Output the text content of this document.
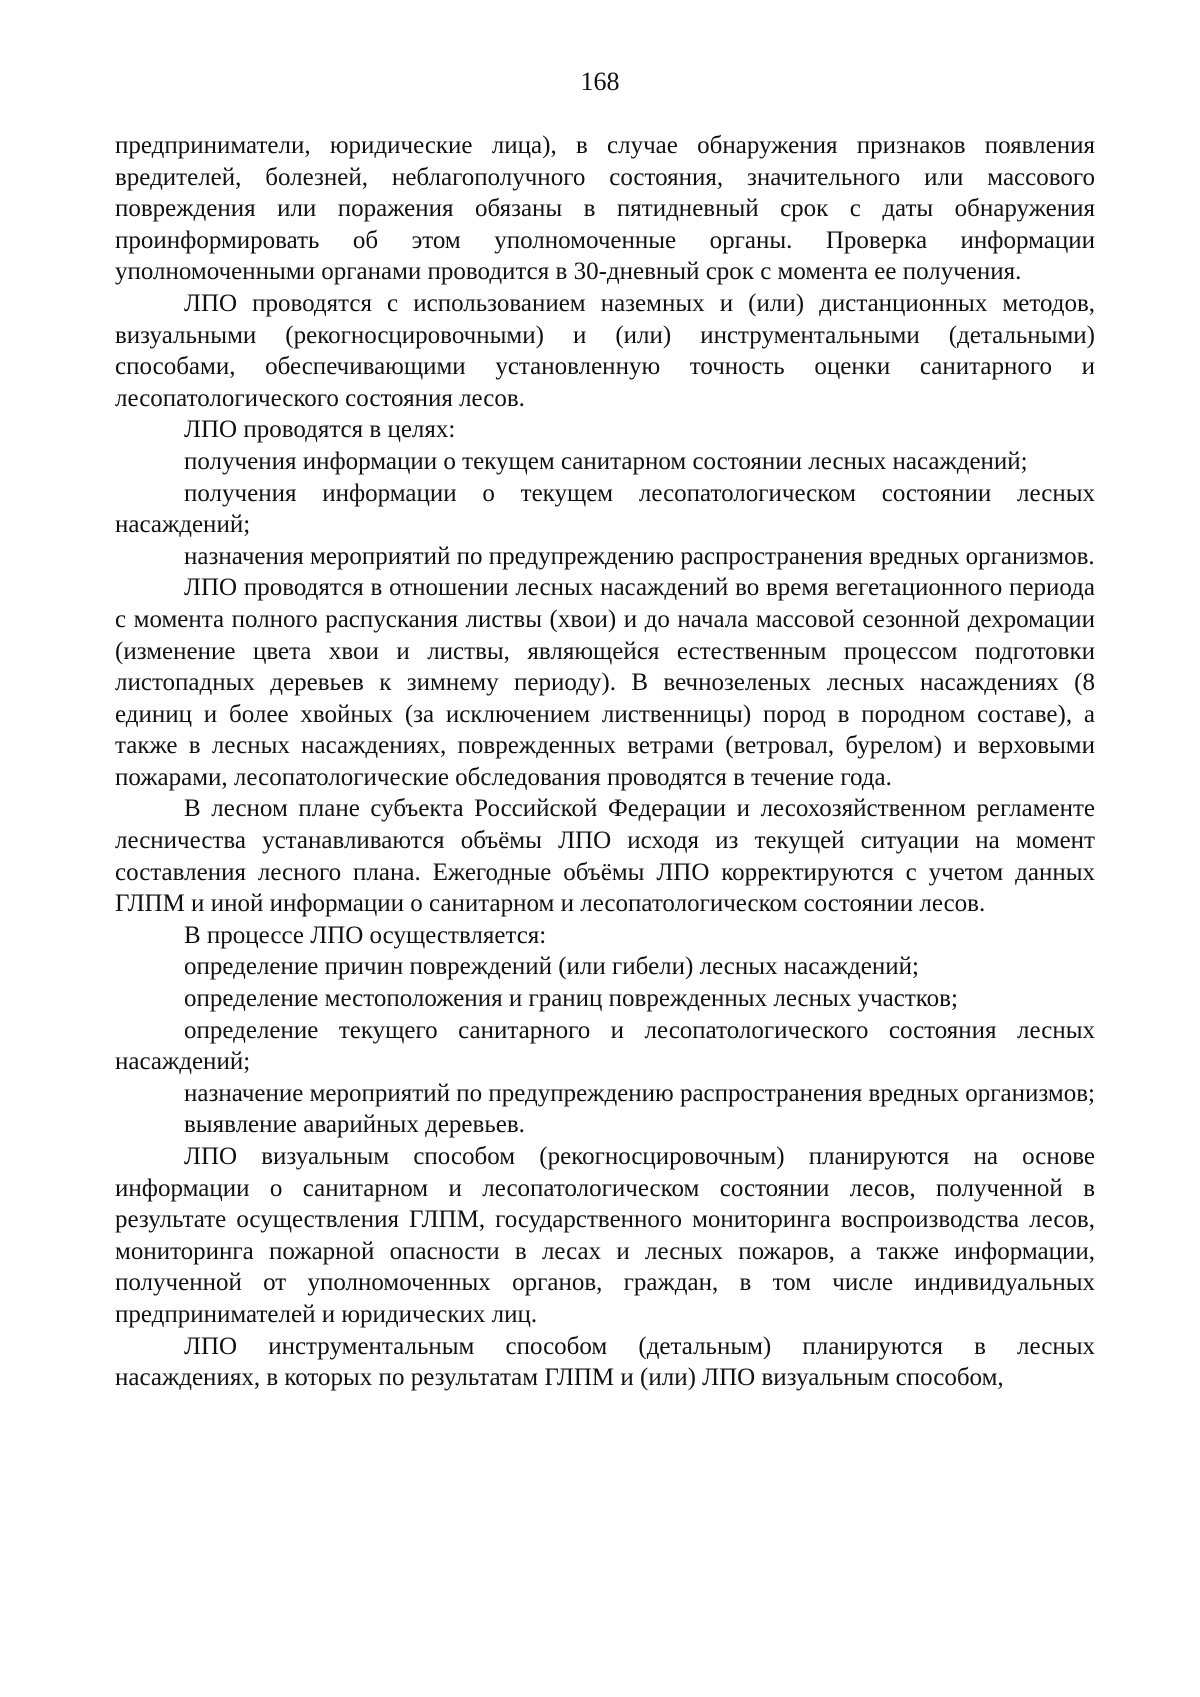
168

предприниматели, юридические лица), в случае обнаружения признаков появления вредителей, болезней, неблагополучного состояния, значительного или массового повреждения или поражения обязаны в пятидневный срок с даты обнаружения проинформировать об этом уполномоченные органы. Проверка информации уполномоченными органами проводится в 30-дневный срок с момента ее получения.

ЛПО проводятся с использованием наземных и (или) дистанционных методов, визуальными (рекогносцировочными) и (или) инструментальными (детальными) способами, обеспечивающими установленную точность оценки санитарного и лесопатологического состояния лесов.

ЛПО проводятся в целях:

получения информации о текущем санитарном состоянии лесных насаждений;

получения информации о текущем лесопатологическом состоянии лесных насаждений;

назначения мероприятий по предупреждению распространения вредных организмов.

ЛПО проводятся в отношении лесных насаждений во время вегетационного периода с момента полного распускания листвы (хвои) и до начала массовой сезонной дехромации (изменение цвета хвои и листвы, являющейся естественным процессом подготовки листопадных деревьев к зимнему периоду). В вечнозеленых лесных насаждениях (8 единиц и более хвойных (за исключением лиственницы) пород в породном составе), а также в лесных насаждениях, поврежденных ветрами (ветровал, бурелом) и верховыми пожарами, лесопатологические обследования проводятся в течение года.

В лесном плане субъекта Российской Федерации и лесохозяйственном регламенте лесничества устанавливаются объёмы ЛПО исходя из текущей ситуации на момент составления лесного плана. Ежегодные объёмы ЛПО корректируются с учетом данных ГЛПМ и иной информации о санитарном и лесопатологическом состоянии лесов.

В процессе ЛПО осуществляется:

определение причин повреждений (или гибели) лесных насаждений;

определение местоположения и границ поврежденных лесных участков;

определение текущего санитарного и лесопатологического состояния лесных насаждений;

назначение мероприятий по предупреждению распространения вредных организмов;

выявление аварийных деревьев.

ЛПО визуальным способом (рекогносцировочным) планируются на основе информации о санитарном и лесопатологическом состоянии лесов, полученной в результате осуществления ГЛПМ, государственного мониторинга воспроизводства лесов, мониторинга пожарной опасности в лесах и лесных пожаров, а также информации, полученной от уполномоченных органов, граждан, в том числе индивидуальных предпринимателей и юридических лиц.

ЛПО инструментальным способом (детальным) планируются в лесных насаждениях, в которых по результатам ГЛПМ и (или) ЛПО визуальным способом,
